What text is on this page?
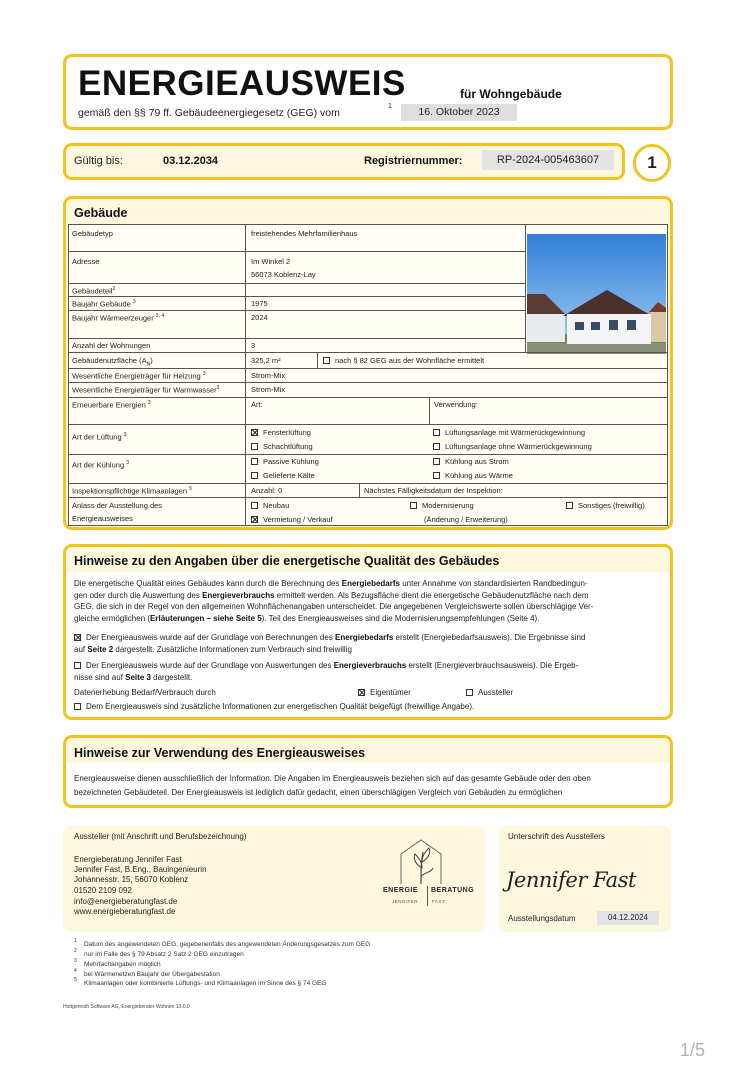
ENERGIEAUSWEIS	für Wohngebäude
gemäß den §§ 79 ff. Gebäudeenergiegesetz (GEG) vom
1	16. Oktober 2023
Gültig bis:	03.12.2034	Registriernummer:	RP-2024-005463607	1
Gebäude
Gebäudetyp	freistehendes Mehrfamilienhaus
Adresse	Im Winkel 2
56073 Koblenz-Lay
Gebäudeteil$^2$
Baujahr Gebäude $^3$	1975
Baujahr Wärmeerzeuger $^{3, 4}$	2024
Anzahl der Wohnungen	3
Gebäudenutzfläche $(A_N)$	325,2 m²	nach § 82 GEG aus der Wohnfläche ermittelt
Wesentliche Energieträger für Heizung $^3$	Strom-Mix
Wesentliche Energieträger für Warmwasser$^3$	Strom-Mix
Erneuerbare Energien $^3$	Art:	Verwendung:
Art der Lüftung $^3$	Fensterlüftung
Schachtlüftung
Lüftungsanlage mit Wärmerückgewinnung
Lüftungsanlage ohne Wärmerückgewinnung
Art der Kühlung $^3$	Passive Kühlung
Gelieferte Kälte
Kühlung aus Strom
Kühlung aus Wärme
Inspektionspflichtige Klimaanlagen $^5$	Anzahl: 0	Nächstes Fälligkeitsdatum der Inspektion:
Anlass der Ausstellung des
Energieausweises
Neubau
Vermietung / Verkauf
Modernisierung
(Änderung / Erweiterung)
Sonstiges (freiwillig)
Hinweise zu den Angaben über die energetische Qualität des Gebäudes
Die energetische Qualität eines Gebäudes kann durch die Berechnung des Energiebedarfs unter Annahme von standardisierten Randbedingun-
gen oder durch die Auswertung des Energieverbrauchs ermittelt werden. Als Bezugsfläche dient die energetische Gebäudenutzfläche nach dem
GEG, die sich in der Regel von den allgemeinen Wohnflächenangaben unterscheidet. Die angegebenen Vergleichswerte sollen überschlägige Ver-
gleiche ermöglichen (Erläuterungen – siehe Seite 5). Teil des Energieausweises sind die Modernisierungsempfehlungen (Seite 4).
Der Energieausweis wurde auf der Grundlage von Berechnungen des Energiebedarfs erstellt (Energiebedarfsausweis). Die Ergebnisse sind
auf Seite 2 dargestellt. Zusätzliche Informationen zum Verbrauch sind freiwillig
Der Energieausweis wurde auf der Grundlage von Auswertungen des Energieverbrauchs erstellt (Energieverbrauchsausweis). Die Ergeb-
nisse sind auf Seite 3 dargestellt.
Datenerhebung Bedarf/Verbrauch durch	Eigentümer	Aussteller
Dem Energieausweis sind zusätzliche Informationen zur energetischen Qualität beigefügt (freiwillige Angabe).
Hinweise zur Verwendung des Energieausweises
Energieausweise dienen ausschließlich der Information. Die Angaben im Energieausweis beziehen sich auf das gesamte Gebäude oder den oben
bezeichneten Gebäudeteil. Der Energieausweis ist lediglich dafür gedacht, einen überschlägigen Vergleich von Gebäuden zu ermöglichen
Aussteller (mit Anschrift und Berufsbezeichnung)
Energieberatung Jennifer Fast
Jennifer Fast, B.Eng., Bauingenieurin
Johannesstr. 15, 56070 Koblenz
01520 2109 092
info@energieberatungfast.de
www.energieberatungfast.de
ENERGIE BERATUNG
JENNIFER	FAST
Unterschrift des Ausstellers
Jennifer Fast
Ausstellungsdatum	04.12.2024
1 Datum des angewendeten GEG, gegebenenfalls des angewendeten Änderungsgesetzes zum GEG
2 nur im Falle des § 79 Absatz 2 Satz 2 GEG einzutragen
3 Mehrfachangaben möglich
4 bei Wärmenetzen Baujahr der Übergabestation
5 Klimaanlagen oder kombinierte Lüftungs- und Klimaanlagen im Sinne des § 74 GEG
Hottgenroth Software AG, Energieberater Wohnen 13.0.0
1/5
